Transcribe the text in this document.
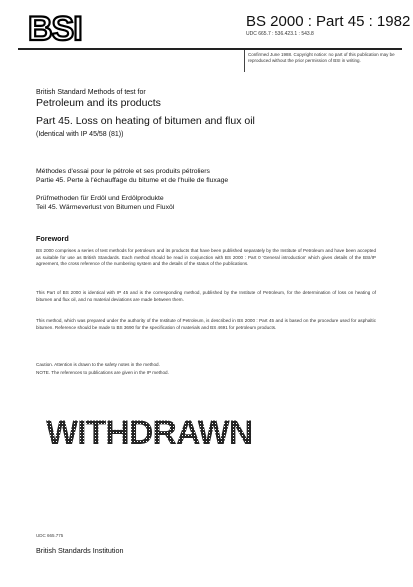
BSI	BS 2000 : Part 45 : 1982
UDC 665.7 : 536.423.1 : 543.8
Confirmed June 1988. Copyright notice: no part of this publication may be reproduced without the prior permission of BSI in writing.
British Standard Methods of test for
Petroleum and its products
Part 45. Loss on heating of bitumen and flux oil
(Identical with IP 45/58 (81))
Méthodes d'essai pour le pétrole et ses produits pétroliers
Partie 45. Perte à l'échauffage du bitume et de l'huile de fluxage
Prüfmethoden für Erdöl und Erdölprodukte
Teil 45. Wärmeverlust von Bitumen und Fluxöl
Foreword
BS 2000 comprises a series of test methods for petroleum and its products that have been published separately by the Institute of Petroleum and have been accepted as suitable for use as British Standards. Each method should be read in conjunction with BS 2000 : Part 0 'General introduction' which gives details of the BSI/IP agreement, the cross reference of the numbering system and the details of the status of the publications.
This Part of BS 2000 is identical with IP 45 and is the corresponding method, published by the Institute of Petroleum, for the determination of loss on heating of bitumen and flux oil, and no material deviations are made between them.
This method, which was prepared under the authority of the Institute of Petroleum, is described in BS 2000 : Part 45 and is based on the procedure used for asphaltic bitumen. Reference should be made to BS 3690 for the specification of materials and BS 4691 for petroleum products.
Caution. Attention is drawn to the safety notes in the method.
NOTE. The references to publications are given in the IP method.
WITHDRAWN
UDC 665.775
British Standards Institution
